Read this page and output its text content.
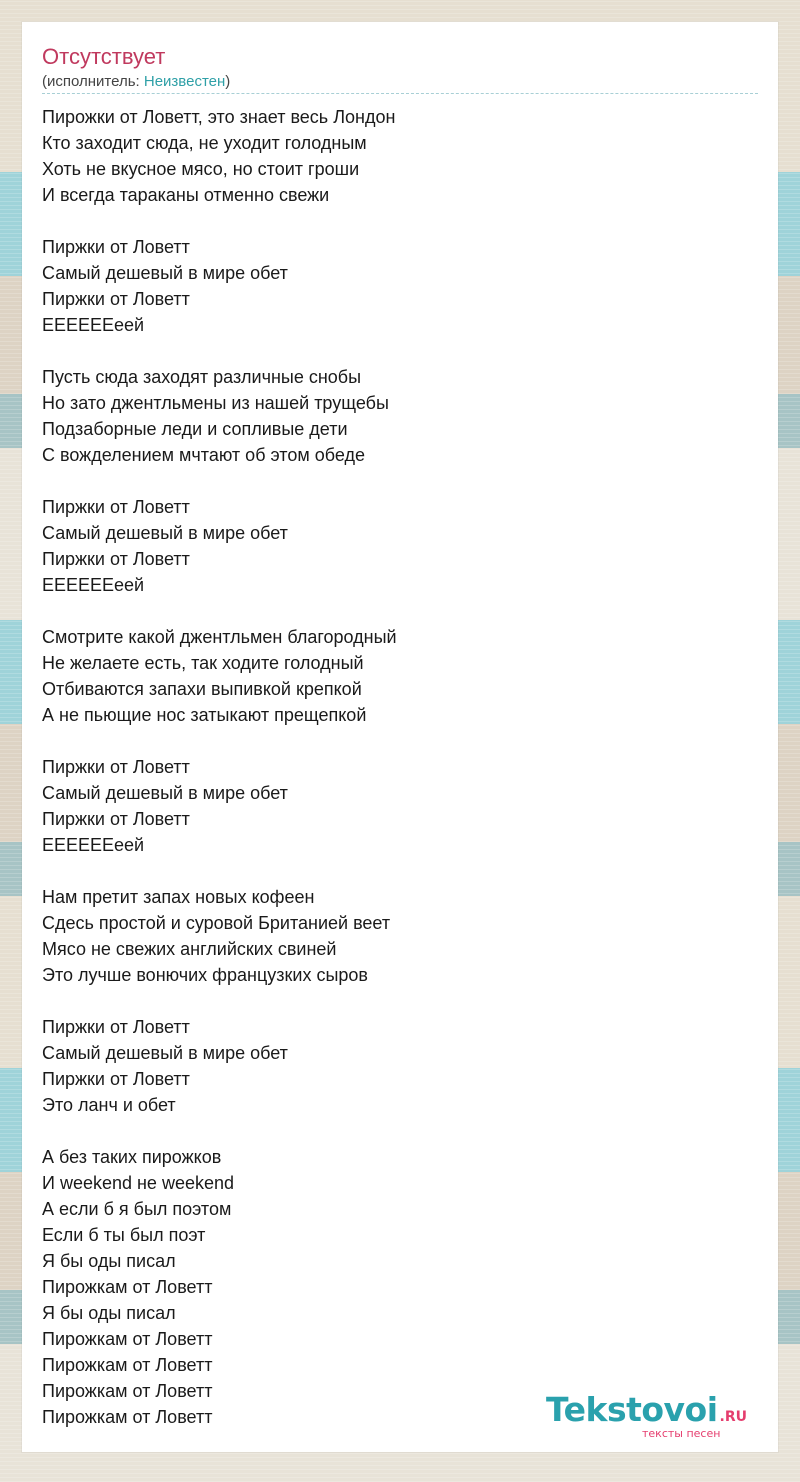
Отсутствует
(исполнитель: Неизвестен)
Пирожки от Ловетт, это знает весь Лондон
Кто заходит сюда, не уходит голодным
Хоть не вкусное мясо, но стоит гроши
И всегда тараканы отменно свежи
Пиржки от Ловетт
Самый дешевый в мире обет
Пиржки от Ловетт
ЕЕЕЕЕЕеей
Пусть сюда заходят различные снобы
Но зато джентльмены из нашей трущебы
Подзаборные леди и сопливые дети
С вожделением мчтают об этом обеде
Пиржки от Ловетт
Самый дешевый в мире обет
Пиржки от Ловетт
ЕЕЕЕЕЕеей
Смотрите какой джентльмен благородный
Не желаете есть, так ходите голодный
Отбиваются запахи выпивкой крепкой
А не пьющие нос затыкают прещепкой
Пиржки от Ловетт
Самый дешевый в мире обет
Пиржки от Ловетт
ЕЕЕЕЕЕеей
Нам претит запах новых кофеен
Сдесь простой и суровой Британией веет
Мясо не свежих английских свиней
Это лучше вонючих французких сыров
Пиржки от Ловетт
Самый дешевый в мире обет
Пиржки от Ловетт
Это ланч и обет
А без таких пирожков
И weekend не weekend
А если б я был поэтом
Если б ты был поэт
Я бы оды писал
Пирожкам от Ловетт
Я бы оды писал
Пирожкам от Ловетт
Пирожкам от Ловетт
Пирожкам от Ловетт
Пирожкам от Ловетт	Tekstovoi .RU
тексты песен
